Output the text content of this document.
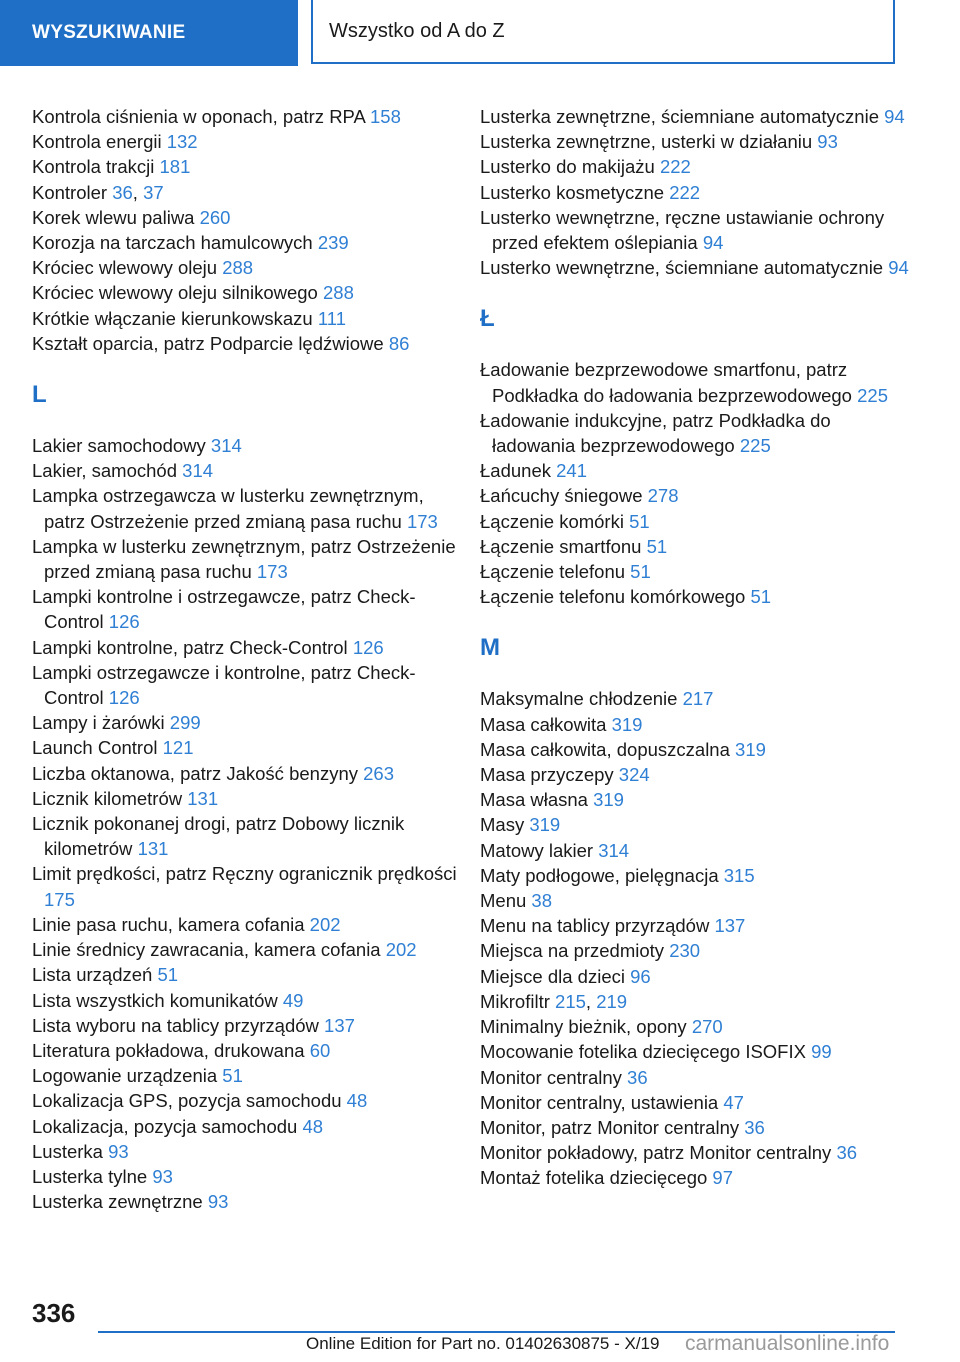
WYSZUKIWANIE	Wszystko od A do Z
Kontrola ciśnienia w oponach, patrz RPA 158
Kontrola energii 132
Kontrola trakcji 181
Kontroler 36, 37
Korek wlewu paliwa 260
Korozja na tarczach hamulcowych 239
Króciec wlewowy oleju 288
Króciec wlewowy oleju silnikowego 288
Krótkie włączanie kierunkowskazu 111
Kształt oparcia, patrz Podparcie lędźwiowe 86
L
Lakier samochodowy 314
Lakier, samochód 314
Lampka ostrzegawcza w lusterku zewnętrznym, patrz Ostrzeżenie przed zmianą pasa ruchu 173
Lampka w lusterku zewnętrznym, patrz Ostrzeżenie przed zmianą pasa ruchu 173
Lampki kontrolne i ostrzegawcze, patrz Check-Control 126
Lampki kontrolne, patrz Check-Control 126
Lampki ostrzegawcze i kontrolne, patrz Check-Control 126
Lampy i żarówki 299
Launch Control 121
Liczba oktanowa, patrz Jakość benzyny 263
Licznik kilometrów 131
Licznik pokonanej drogi, patrz Dobowy licznik kilometrów 131
Limit prędkości, patrz Ręczny ogranicznik prędkości 175
Linie pasa ruchu, kamera cofania 202
Linie średnicy zawracania, kamera cofania 202
Lista urządzeń 51
Lista wszystkich komunikatów 49
Lista wyboru na tablicy przyrządów 137
Literatura pokładowa, drukowana 60
Logowanie urządzenia 51
Lokalizacja GPS, pozycja samochodu 48
Lokalizacja, pozycja samochodu 48
Lusterka 93
Lusterka tylne 93
Lusterka zewnętrzne 93
Lusterka zewnętrzne, ściemniane automatycznie 94
Lusterka zewnętrzne, usterki w działaniu 93
Lusterko do makijażu 222
Lusterko kosmetyczne 222
Lusterko wewnętrzne, ręczne ustawianie ochrony przed efektem oślepiania 94
Lusterko wewnętrzne, ściemniane automatycznie 94
Ł
Ładowanie bezprzewodowe smartfonu, patrz Podkładka do ładowania bezprzewodowego 225
Ładowanie indukcyjne, patrz Podkładka do ładowania bezprzewodowego 225
Ładunek 241
Łańcuchy śniegowe 278
Łączenie komórki 51
Łączenie smartfonu 51
Łączenie telefonu 51
Łączenie telefonu komórkowego 51
M
Maksymalne chłodzenie 217
Masa całkowita 319
Masa całkowita, dopuszczalna 319
Masa przyczepy 324
Masa własna 319
Masy 319
Matowy lakier 314
Maty podłogowe, pielęgnacja 315
Menu 38
Menu na tablicy przyrządów 137
Miejsca na przedmioty 230
Miejsce dla dzieci 96
Mikrofiltr 215, 219
Minimalny bieżnik, opony 270
Mocowanie fotelika dziecięcego ISOFIX 99
Monitor centralny 36
Monitor centralny, ustawienia 47
Monitor, patrz Monitor centralny 36
Monitor pokładowy, patrz Monitor centralny 36
Montaż fotelika dziecięcego 97
336
Online Edition for Part no. 01402630875 - X/19 carmanualsonline.info
